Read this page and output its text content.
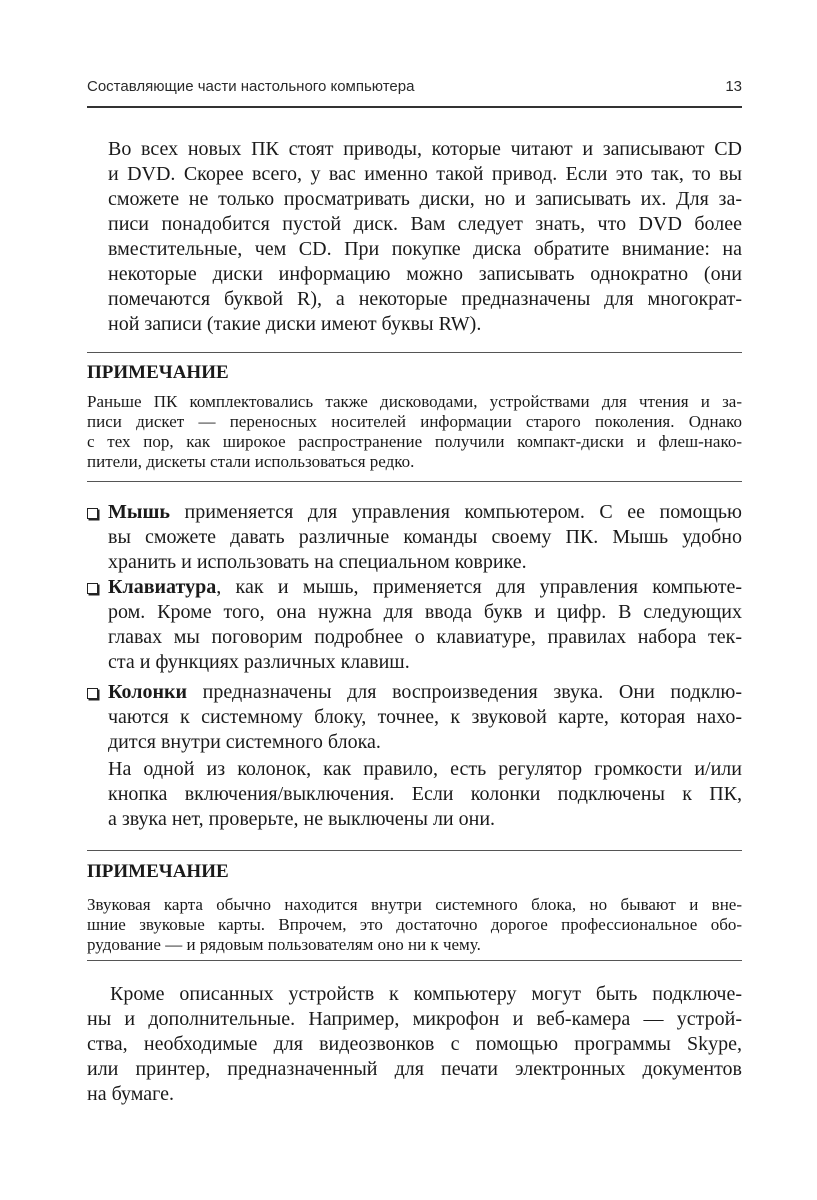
Составляющие части настольного компьютера	13
Во всех новых ПК стоят приводы, которые читают и записывают CD
и DVD. Скорее всего, у вас именно такой привод. Если это так, то вы
сможете не только просматривать диски, но и записывать их. Для за-
писи понадобится пустой диск. Вам следует знать, что DVD более
вместительные, чем CD. При покупке диска обратите внимание: на
некоторые диски информацию можно записывать однократно (они
помечаются буквой R), а некоторые предназначены для многократ-
ной записи (такие диски имеют буквы RW).
ПРИМЕЧАНИЕ
Раньше ПК комплектовались также дисководами, устройствами для чтения и за-
писи дискет — переносных носителей информации старого поколения. Однако
с тех пор, как широкое распространение получили компакт-диски и флеш-нако-
пители, дискеты стали использоваться редко.
Мышь применяется для управления компьютером. С ее помощью
вы сможете давать различные команды своему ПК. Мышь удобно
хранить и использовать на специальном коврике.
Клавиатура, как и мышь, применяется для управления компьюте-
ром. Кроме того, она нужна для ввода букв и цифр. В следующих
главах мы поговорим подробнее о клавиатуре, правилах набора тек-
ста и функциях различных клавиш.
Колонки предназначены для воспроизведения звука. Они подклю-
чаются к системному блоку, точнее, к звуковой карте, которая нахо-
дится внутри системного блока.
На одной из колонок, как правило, есть регулятор громкости и/или
кнопка включения/выключения. Если колонки подключены к ПК,
а звука нет, проверьте, не выключены ли они.
ПРИМЕЧАНИЕ
Звуковая карта обычно находится внутри системного блока, но бывают и вне-
шние звуковые карты. Впрочем, это достаточно дорогое профессиональное обо-
рудование — и рядовым пользователям оно ни к чему.
Кроме описанных устройств к компьютеру могут быть подключе-
ны и дополнительные. Например, микрофон и веб-камера — устрой-
ства, необходимые для видеозвонков с помощью программы Skype,
или принтер, предназначенный для печати электронных документов
на бумаге.
